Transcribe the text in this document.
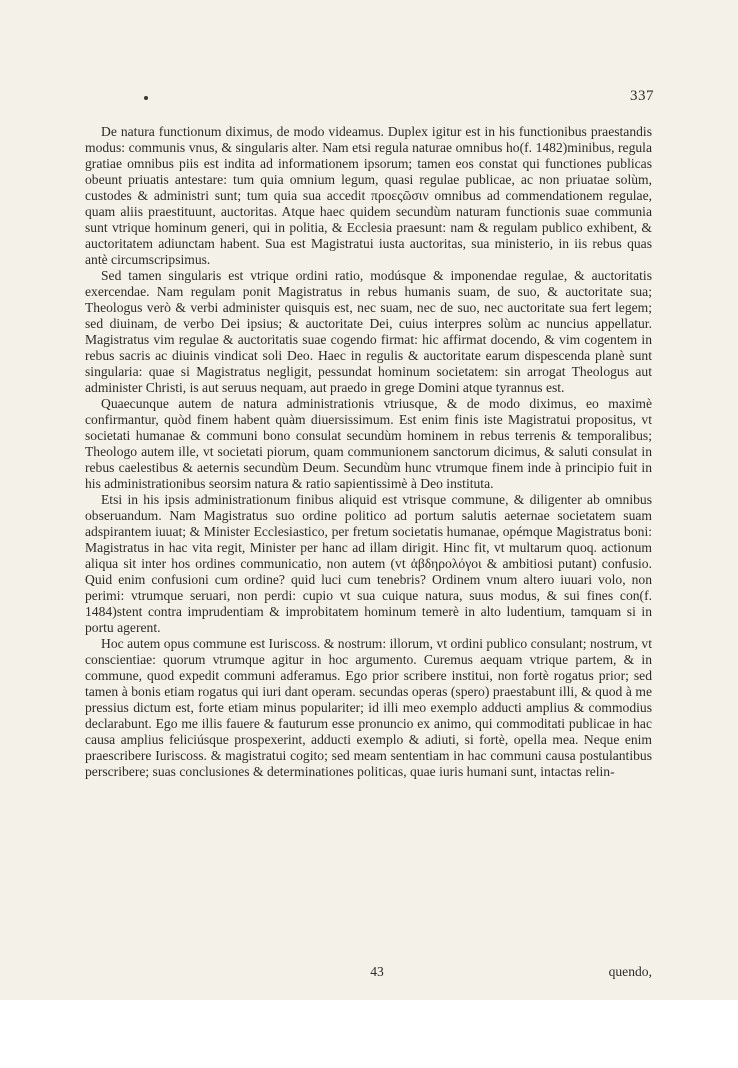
337

De natura functionum diximus, de modo videamus. Duplex igitur est in his functionibus praestandis modus: communis vnus, & singularis alter. Nam etsi regula naturae omnibus ho(f. 1482)minibus, regula gratiae omnibus piis est indita ad informationem ipsorum; tamen eos constat qui functiones publicas obeunt priuatis antestare: tum quia omnium legum, quasi regulae publicae, ac non priuatae solùm, custodes & administri sunt; tum quia sua accedit προεςῶσιν omnibus ad commendationem regulae, quam aliis praestituunt, auctoritas. Atque haec quidem secundùm naturam functionis suae communia sunt vtrique hominum generi, qui in politia, & Ecclesia praesunt: nam & regulam publico exhibent, & auctoritatem adiunctam habent. Sua est Magistratui iusta auctoritas, sua ministerio, in iis rebus quas antè circumscripsimus.

Sed tamen singularis est vtrique ordini ratio, modúsque & imponendae regulae, & auctoritatis exercendae. Nam regulam ponit Magistratus in rebus humanis suam, de suo, & auctoritate sua; Theologus verò & verbi administer quisquis est, nec suam, nec de suo, nec auctoritate sua fert legem; sed diuinam, de verbo Dei ipsius; & auctoritate Dei, cuius interpres solùm ac nuncius appellatur. Magistratus vim regulae & auctoritatis suae cogendo firmat: hic affirmat docendo, & vim cogentem in rebus sacris ac diuinis vindicat soli Deo. Haec in regulis & auctoritate earum dispescenda planè sunt singularia: quae si Magistratus negligit, pessundat hominum societatem: sin arrogat Theologus aut administer Christi, is aut seruus nequam, aut praedo in grege Domini atque tyrannus est.

Quaecunque autem de natura administrationis vtriusque, & de modo diximus, eo maximè confirmantur, quòd finem habent quàm diuersissimum. Est enim finis iste Magistratui propositus, vt societati humanae & communi bono consulat secundùm hominem in rebus terrenis & temporalibus; Theologo autem ille, vt societati piorum, quam communionem sanctorum dicimus, & saluti consulat in rebus caelestibus & aeternis secundùm Deum. Secundùm hunc vtrumque finem inde à principio fuit in his administrationibus seorsim natura & ratio sapientissimè à Deo instituta.

Etsi in his ipsis administrationum finibus aliquid est vtrisque commune, & diligenter ab omnibus obseruandum. Nam Magistratus suo ordine politico ad portum salutis aeternae societatem suam adspirantem iuuat; & Minister Ecclesiastico, per fretum societatis humanae, opémque Magistratus boni: Magistratus in hac vita regit, Minister per hanc ad illam dirigit. Hinc fit, vt multarum quoq. actionum aliqua sit inter hos ordines communicatio, non autem (vt ἀβδηρολόγοι & ambitiosi putant) confusio. Quid enim confusioni cum ordine? quid luci cum tenebris? Ordinem vnum altero iuuari volo, non perimi: vtrumque seruari, non perdi: cupio vt sua cuique natura, suus modus, & sui fines con(f. 1484)stent contra imprudentiam & improbitatem hominum temerè in alto ludentium, tamquam si in portu agerent.

Hoc autem opus commune est Iuriscoss. & nostrum: illorum, vt ordini publico consulant; nostrum, vt conscientiae: quorum vtrumque agitur in hoc argumento. Curemus aequam vtrique partem, & in commune, quod expedit communi adferamus. Ego prior scribere institui, non fortè rogatus prior; sed tamen à bonis etiam rogatus qui iuri dant operam. secundas operas (spero) praestabunt illi, & quod à me pressius dictum est, forte etiam minus populariter; id illi meo exemplo adducti amplius & commodius declarabunt. Ego me illis fauere & fauturum esse pronuncio ex animo, qui commoditati publicae in hac causa amplius feliciúsque prospexerint, adducti exemplo & adiuti, si fortè, opella mea. Neque enim praescribere Iuriscoss. & magistratui cogito; sed meam sententiam in hac communi causa postulantibus perscribere; suas conclusiones & determinationes politicas, quae iuris humani sunt, intactas relin-

43	quendo,
